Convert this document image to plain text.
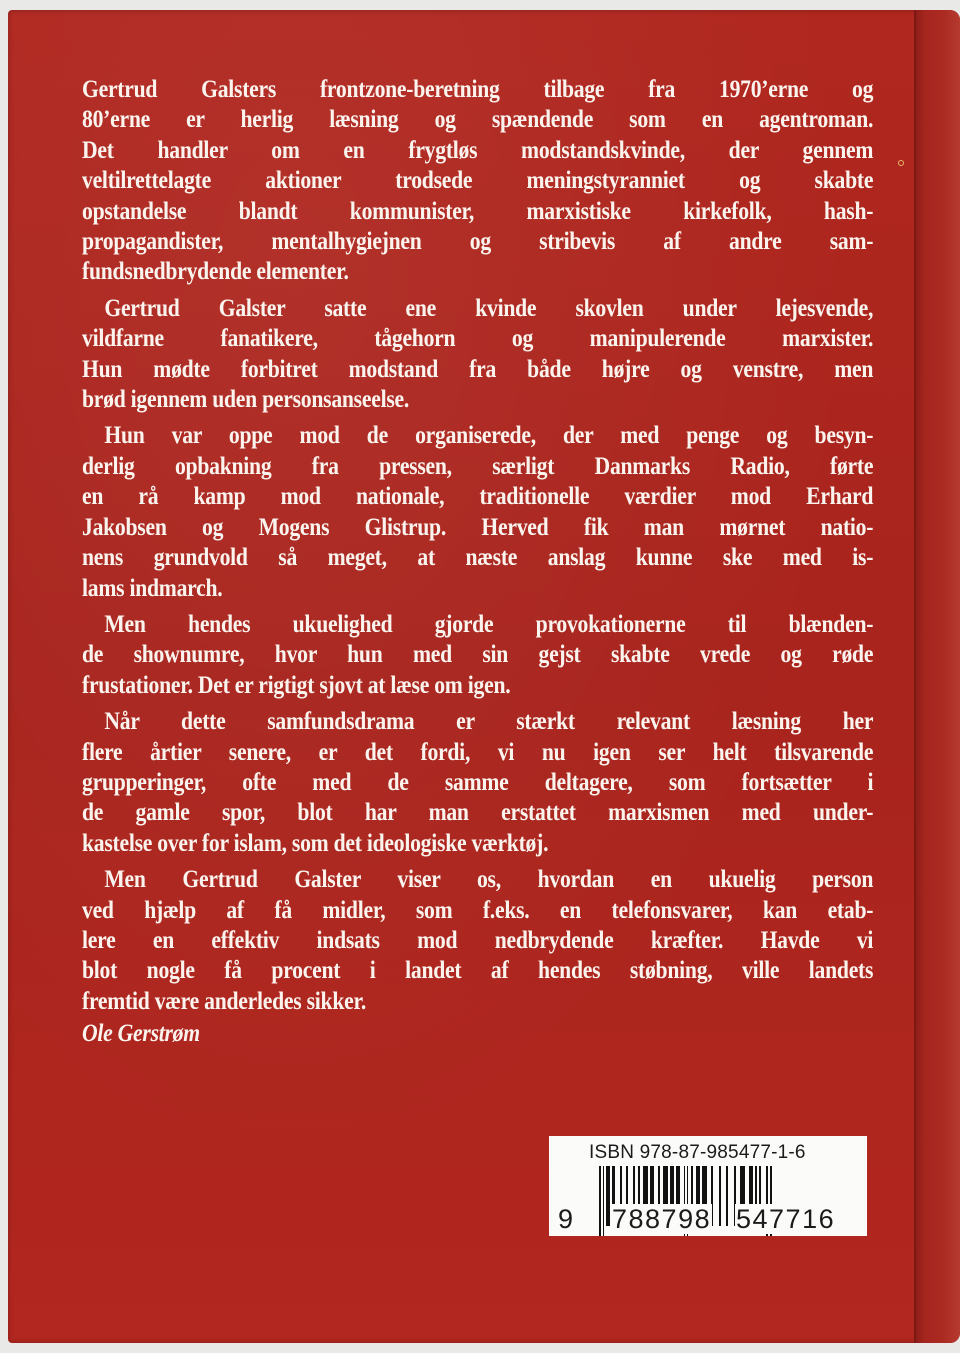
Gertrud Galsters frontzone-beretning tilbage fra 1970’erne og
80’erne er herlig læsning og spændende som en agentroman.
Det handler om en frygtløs modstandskvinde, der gennem
veltilrettelagte aktioner trodsede meningstyranniet og skabte
opstandelse blandt kommunister, marxistiske kirkefolk, hash-
propagandister, mentalhygiejnen og stribevis af andre sam-
fundsnedbrydende elementer.
Gertrud Galster satte ene kvinde skovlen under lejesvende,
vildfarne fanatikere, tågehorn og manipulerende marxister.
Hun mødte forbitret modstand fra både højre og venstre, men
brød igennem uden personsanseelse.
Hun var oppe mod de organiserede, der med penge og besyn-
derlig opbakning fra pressen, særligt Danmarks Radio, førte
en rå kamp mod nationale, traditionelle værdier mod Erhard
Jakobsen og Mogens Glistrup. Herved fik man mørnet natio-
nens grundvold så meget, at næste anslag kunne ske med is-
lams indmarch.
Men hendes ukuelighed gjorde provokationerne til blænden-
de shownumre, hvor hun med sin gejst skabte vrede og røde
frustationer. Det er rigtigt sjovt at læse om igen.
Når dette samfundsdrama er stærkt relevant læsning her
flere årtier senere, er det fordi, vi nu igen ser helt tilsvarende
grupperinger, ofte med de samme deltagere, som fortsætter i
de gamle spor, blot har man erstattet marxismen med under-
kastelse over for islam, som det ideologiske værktøj.
Men Gertrud Galster viser os, hvordan en ukuelig person
ved hjælp af få midler, som f.eks. en telefonsvarer, kan etab-
lere en effektiv indsats mod nedbrydende kræfter. Havde vi
blot nogle få procent i landet af hendes støbning, ville landets
fremtid være anderledes sikker.
Ole Gerstrøm
ISBN 978-87-985477-1-6
9 788798 547716
